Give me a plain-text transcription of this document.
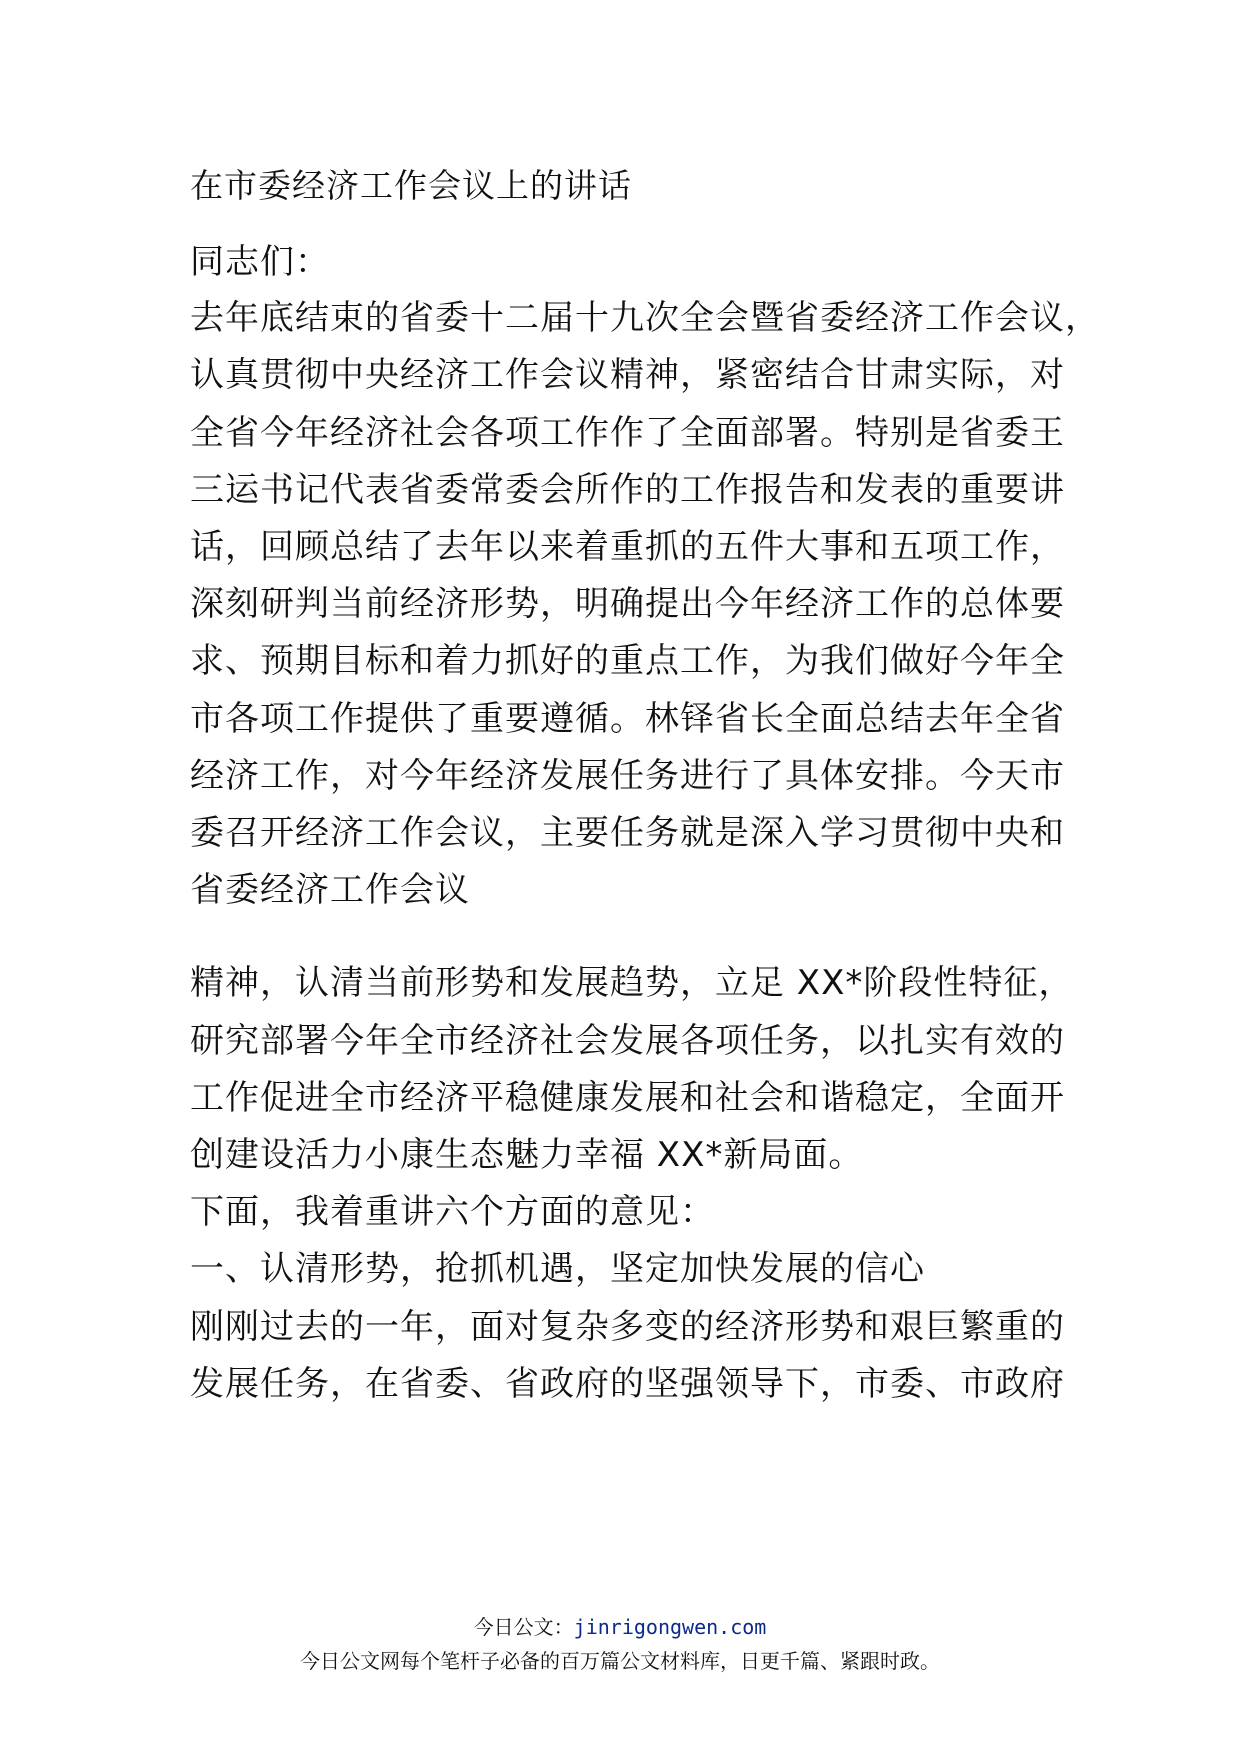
在市委经济工作会议上的讲话
同志们：
去年底结束的省委十二届十九次全会暨省委经济工作会议，
认真贯彻中央经济工作会议精神，紧密结合甘肃实际，对
全省今年经济社会各项工作作了全面部署。特别是省委王
三运书记代表省委常委会所作的工作报告和发表的重要讲
话，回顾总结了去年以来着重抓的五件大事和五项工作，
深刻研判当前经济形势，明确提出今年经济工作的总体要
求、预期目标和着力抓好的重点工作，为我们做好今年全
市各项工作提供了重要遵循。林铎省长全面总结去年全省
经济工作，对今年经济发展任务进行了具体安排。今天市
委召开经济工作会议，主要任务就是深入学习贯彻中央和
省委经济工作会议
精神，认清当前形势和发展趋势，立足 XX*阶段性特征，
研究部署今年全市经济社会发展各项任务，以扎实有效的
工作促进全市经济平稳健康发展和社会和谐稳定，全面开
创建设活力小康生态魅力幸福 XX*新局面。
下面，我着重讲六个方面的意见：
一、认清形势，抢抓机遇，坚定加快发展的信心
刚刚过去的一年，面对复杂多变的经济形势和艰巨繁重的
发展任务，在省委、省政府的坚强领导下，市委、市政府
今日公文：jinrigongwen.com
今日公文网每个笔杆子必备的百万篇公文材料库，日更千篇、紧跟时政。
